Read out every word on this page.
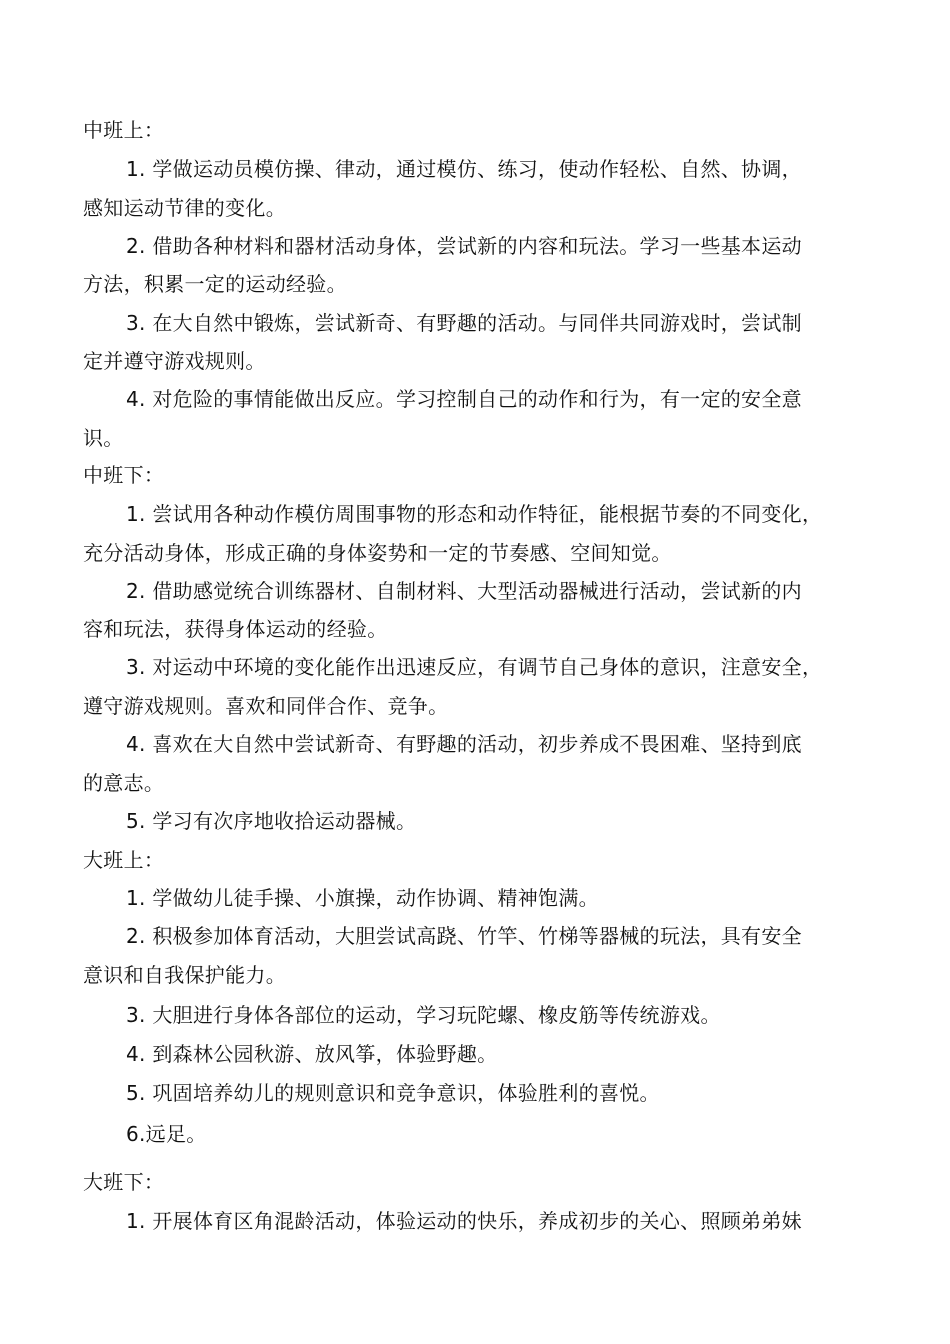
中班上：
1. 学做运动员模仿操、律动，通过模仿、练习，使动作轻松、自然、协调，
感知运动节律的变化。
2. 借助各种材料和器材活动身体，尝试新的内容和玩法。学习一些基本运动
方法，积累一定的运动经验。
3. 在大自然中锻炼，尝试新奇、有野趣的活动。与同伴共同游戏时，尝试制
定并遵守游戏规则。
4. 对危险的事情能做出反应。学习控制自己的动作和行为，有一定的安全意
识。
中班下：
1. 尝试用各种动作模仿周围事物的形态和动作特征，能根据节奏的不同变化，
充分活动身体，形成正确的身体姿势和一定的节奏感、空间知觉。
2. 借助感觉统合训练器材、自制材料、大型活动器械进行活动，尝试新的内
容和玩法，获得身体运动的经验。
3. 对运动中环境的变化能作出迅速反应，有调节自己身体的意识，注意安全，
遵守游戏规则。喜欢和同伴合作、竞争。
4. 喜欢在大自然中尝试新奇、有野趣的活动，初步养成不畏困难、坚持到底
的意志。
5. 学习有次序地收拾运动器械。
大班上：
1. 学做幼儿徒手操、小旗操，动作协调、精神饱满。
2. 积极参加体育活动，大胆尝试高跷、竹竿、竹梯等器械的玩法，具有安全
意识和自我保护能力。
3. 大胆进行身体各部位的运动，学习玩陀螺、橡皮筋等传统游戏。
4. 到森林公园秋游、放风筝，体验野趣。
5. 巩固培养幼儿的规则意识和竞争意识，体验胜利的喜悦。
6.远足。
大班下：
1. 开展体育区角混龄活动，体验运动的快乐，养成初步的关心、照顾弟弟妹
